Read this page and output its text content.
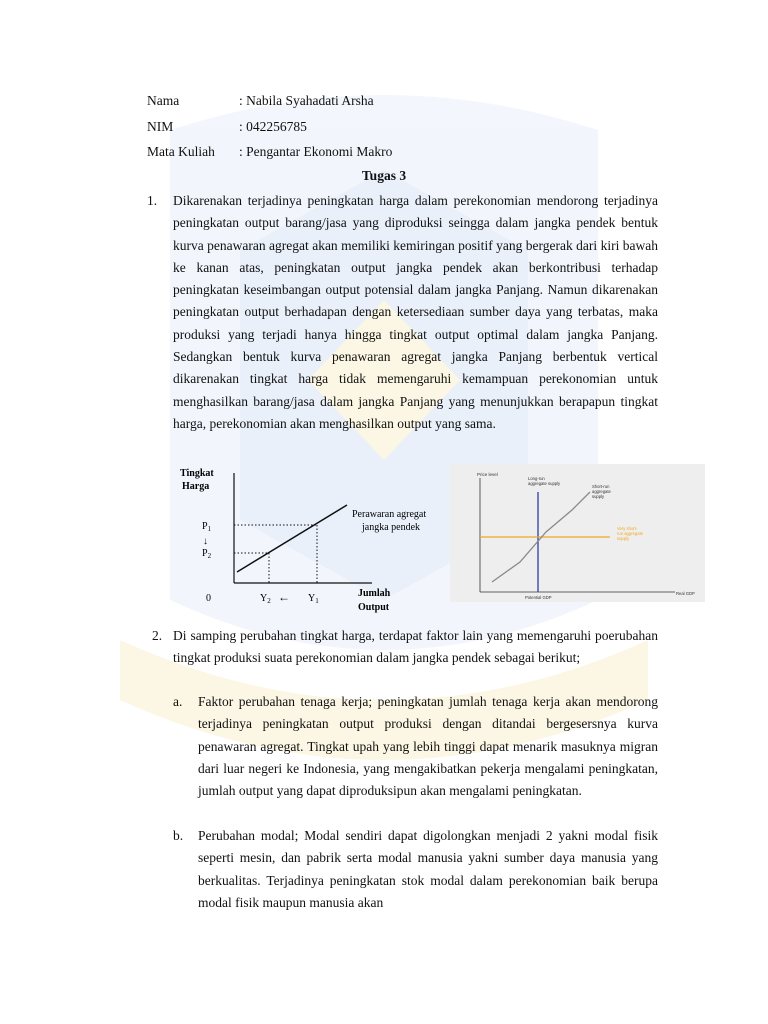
Nama	: Nabila Syahadati Arsha
NIM	: 042256785
Mata Kuliah : Pengantar Ekonomi Makro
Tugas 3
1. Dikarenakan terjadinya peningkatan harga dalam perekonomian mendorong terjadinya peningkatan output barang/jasa yang diproduksi seingga dalam jangka pendek bentuk kurva penawaran agregat akan memiliki kemiringan positif yang bergerak dari kiri bawah ke kanan atas, peningkatan output jangka pendek akan berkontribusi terhadap peningkatan keseimbangan output potensial dalam jangka Panjang. Namun dikarenakan peningkatan output berhadapan dengan ketersediaan sumber daya yang terbatas, maka produksi yang terjadi hanya hingga tingkat output optimal dalam jangka Panjang. Sedangkan bentuk kurva penawaran agregat jangka Panjang berbentuk vertical dikarenakan tingkat harga tidak memengaruhi kemampuan perekonomian untuk menghasilkan barang/jasa dalam jangka Panjang yang menunjukkan berapapun tingkat harga, perekonomian akan menghasilkan output yang sama.
Tingkat
Harga
$P_1$
↓
$P_2$
0	$Y_2$ ← $Y_1$
Jumlah
Output
Perawaran agregat
jangka pendek
Price level
Long-run
aggregate supply
Short-run
aggregate
supply
Very short-
run aggregate
supply
Potential GDP
Real GDP
2. Di samping perubahan tingkat harga, terdapat faktor lain yang memengaruhi poerubahan tingkat produksi suata perekonomian dalam jangka pendek sebagai berikut;
a. Faktor perubahan tenaga kerja; peningkatan jumlah tenaga kerja akan mendorong terjadinya peningkatan output produksi dengan ditandai bergesersnya kurva penawaran agregat. Tingkat upah yang lebih tinggi dapat menarik masuknya migran dari luar negeri ke Indonesia, yang mengakibatkan pekerja mengalami peningkatan, jumlah output yang dapat diproduksipun akan mengalami peningkatan.
b. Perubahan modal; Modal sendiri dapat digolongkan menjadi 2 yakni modal fisik seperti mesin, dan pabrik serta modal manusia yakni sumber daya manusia yang berkualitas. Terjadinya peningkatan stok modal dalam perekonomian baik berupa modal fisik maupun manusia akan
